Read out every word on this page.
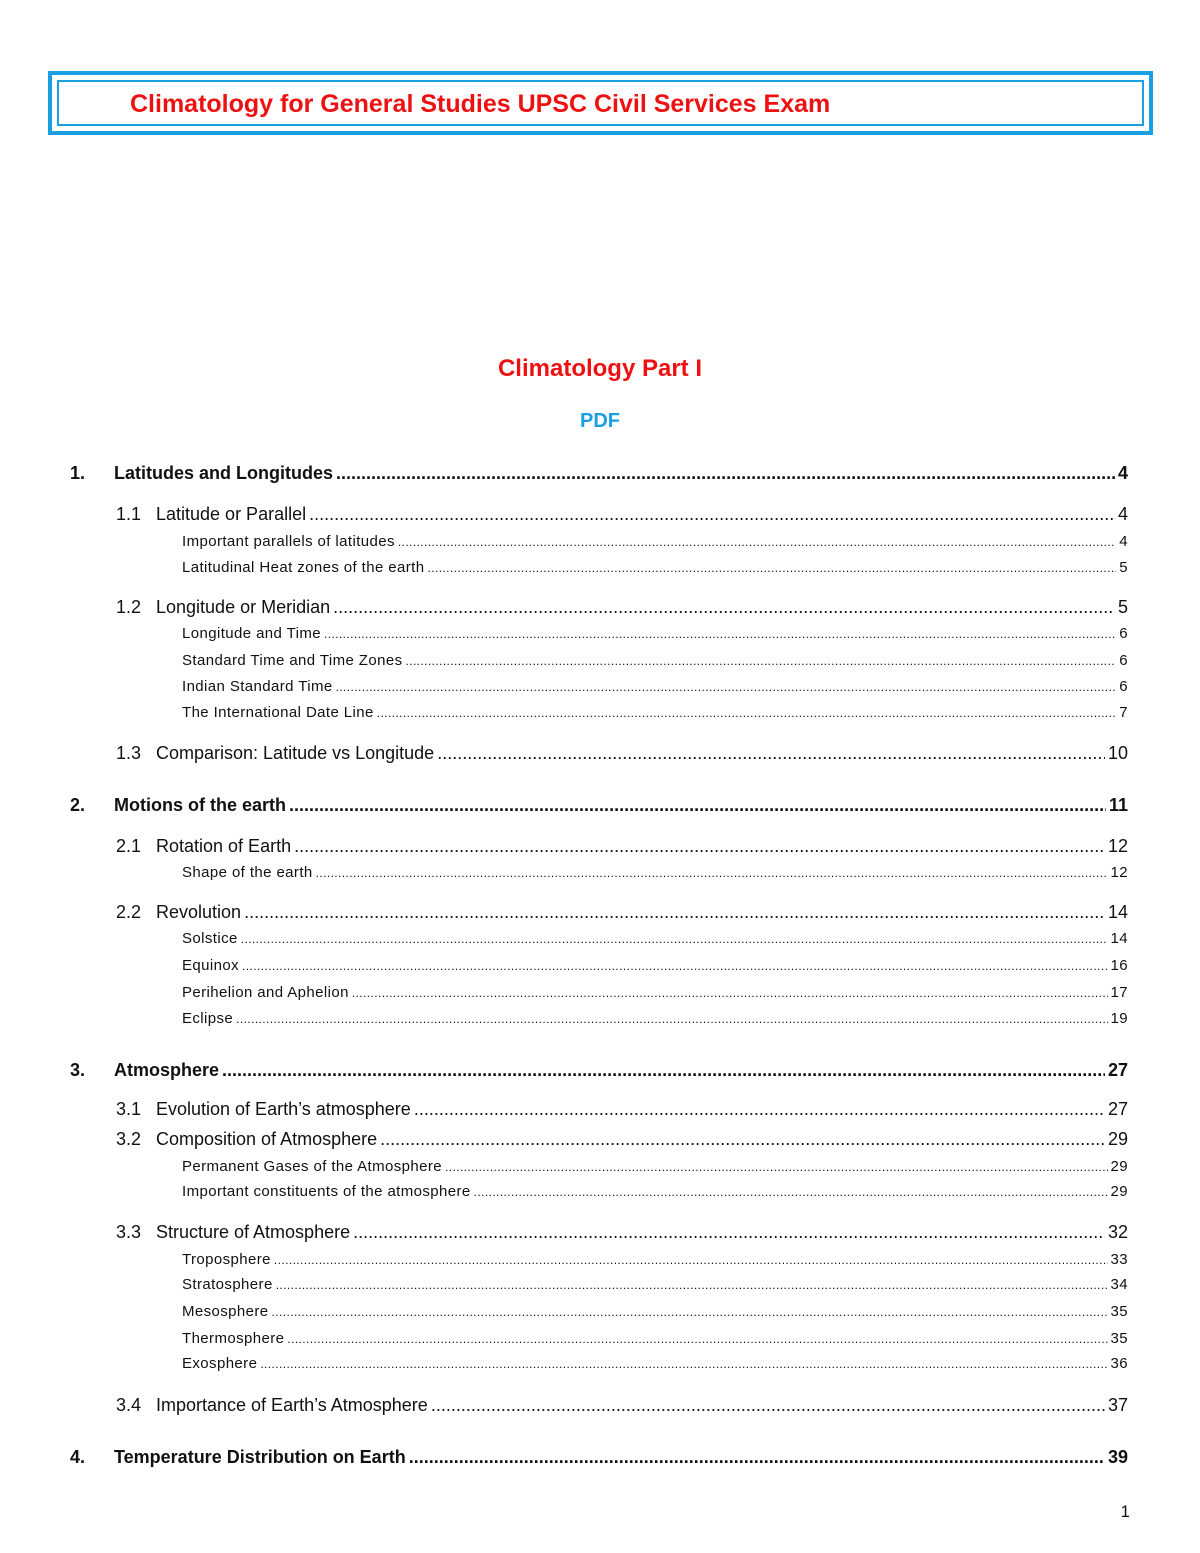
Climatology for General Studies UPSC Civil Services Exam
Climatology Part I
PDF
1.	Latitudes and Longitudes .....	4
1.1 Latitude or Parallel .....	4
Important parallels of latitudes .....	4
Latitudinal Heat zones of the earth .....	5
1.2 Longitude or Meridian .....	5
Longitude and Time .....	6
Standard Time and Time Zones .....	6
Indian Standard Time .....	6
The International Date Line .....	7
1.3 Comparison: Latitude vs Longitude .....	10
2.	Motions of the earth .....	11
2.1 Rotation of Earth .....	12
Shape of the earth .....	12
2.2 Revolution .....	14
Solstice .....	14
Equinox .....	16
Perihelion and Aphelion .....	17
Eclipse .....	19
3.	Atmosphere .....	27
3.1 Evolution of Earth’s atmosphere .....	27
3.2 Composition of Atmosphere .....	29
Permanent Gases of the Atmosphere .....	29
Important constituents of the atmosphere .....	29
3.3 Structure of Atmosphere .....	32
Troposphere .....	33
Stratosphere .....	34
Mesosphere .....	35
Thermosphere .....	35
Exosphere .....	36
3.4 Importance of Earth’s Atmosphere .....	37
4.	Temperature Distribution on Earth .....	39
1
